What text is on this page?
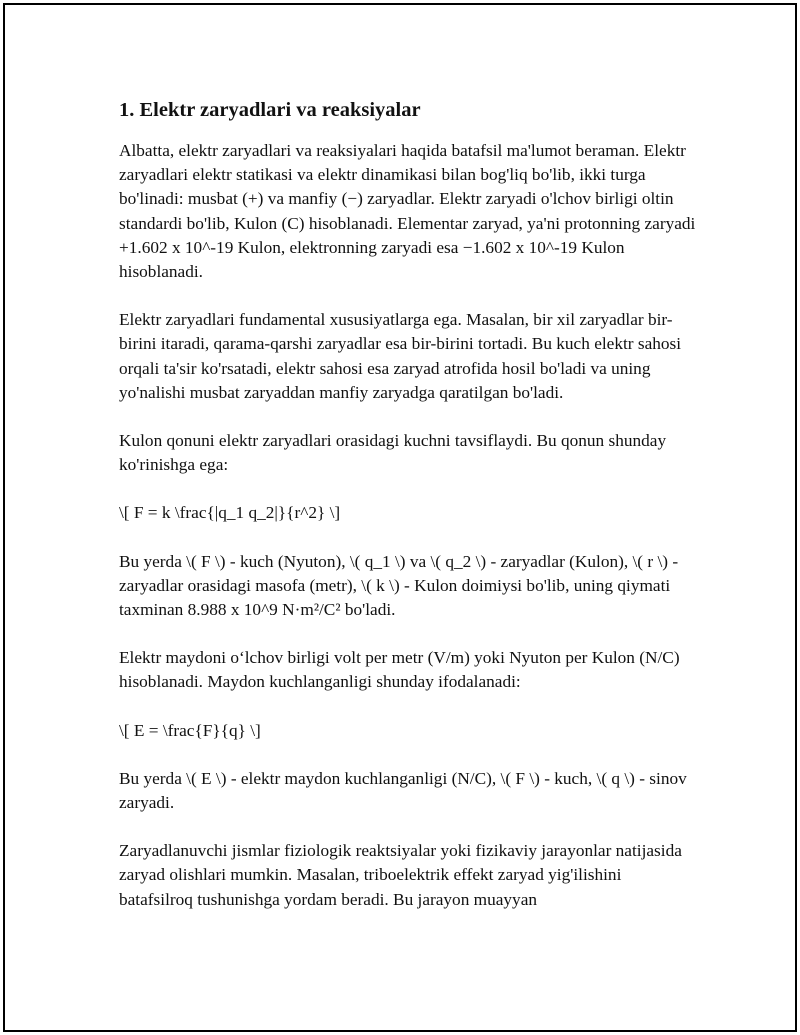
1. Elektr zaryadlari va reaksiyalar

Albatta, elektr zaryadlari va reaksiyalari haqida batafsil ma'lumot beraman. Elektr zaryadlari elektr statikasi va elektr dinamikasi bilan bog'liq bo'lib, ikki turga bo'linadi: musbat (+) va manfiy (−) zaryadlar. Elektr zaryadi o'lchov birligi oltin standardi bo'lib, Kulon (C) hisoblanadi. Elementar zaryad, ya'ni protonning zaryadi +1.602 x 10^-19 Kulon, elektronning zaryadi esa −1.602 x 10^-19 Kulon hisoblanadi.

Elektr zaryadlari fundamental xususiyatlarga ega. Masalan, bir xil zaryadlar bir-birini itaradi, qarama-qarshi zaryadlar esa bir-birini tortadi. Bu kuch elektr sahosi orqali ta'sir ko'rsatadi, elektr sahosi esa zaryad atrofida hosil bo'ladi va uning yo'nalishi musbat zaryaddan manfiy zaryadga qaratilgan bo'ladi.

Kulon qonuni elektr zaryadlari orasidagi kuchni tavsiflaydi. Bu qonun shunday ko'rinishga ega:

\[ F = k \frac{|q_1 q_2|}{r^2} \]

Bu yerda \( F \) - kuch (Nyuton), \( q_1 \) va \( q_2 \) - zaryadlar (Kulon), \( r \) - zaryadlar orasidagi masofa (metr), \( k \) - Kulon doimiysi bo'lib, uning qiymati taxminan 8.988 x 10^9 N·m²/C² bo'ladi.

Elektr maydoni o‘lchov birligi volt per metr (V/m) yoki Nyuton per Kulon (N/C) hisoblanadi. Maydon kuchlanganligi shunday ifodalanadi:

\[ E = \frac{F}{q} \]

Bu yerda \( E \) - elektr maydon kuchlanganligi (N/C), \( F \) - kuch, \( q \) - sinov zaryadi.

Zaryadlanuvchi jismlar fiziologik reaktsiyalar yoki fizikaviy jarayonlar natijasida zaryad olishlari mumkin. Masalan, triboelektrik effekt zaryad yig'ilishini batafsilroq tushunishga yordam beradi. Bu jarayon muayyan
